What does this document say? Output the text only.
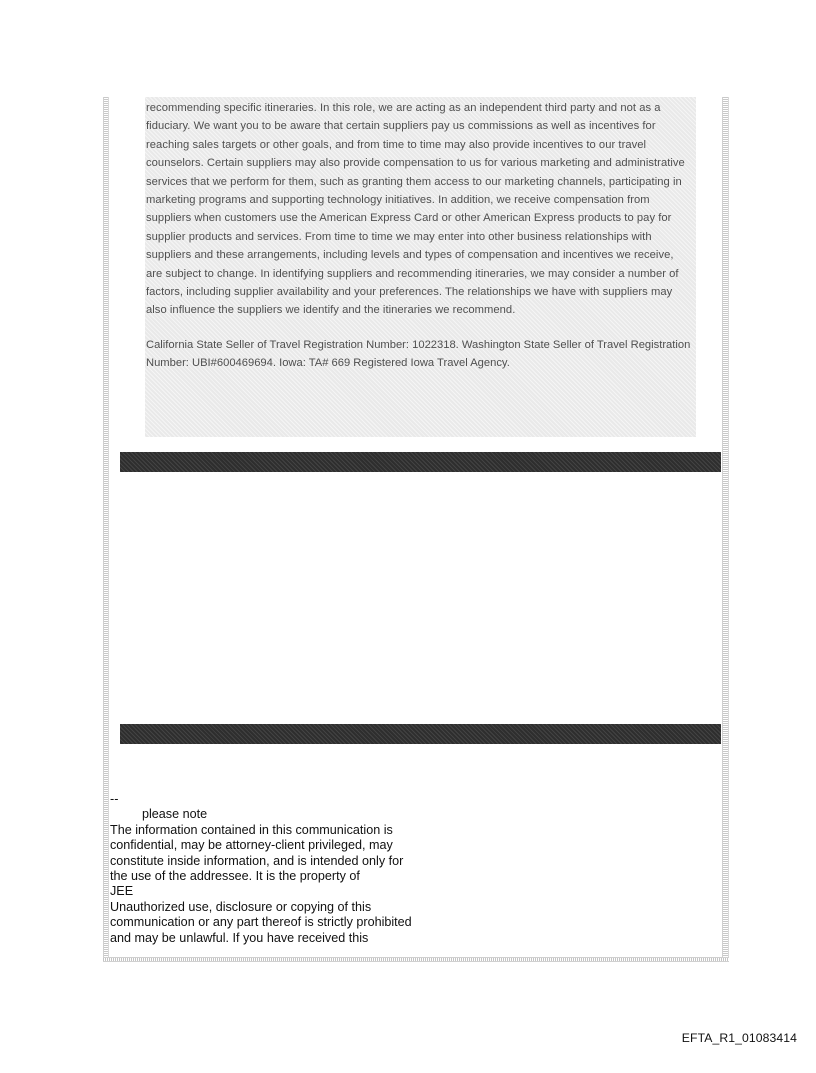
recommending specific itineraries. In this role, we are acting as an independent third party and not as a fiduciary. We want you to be aware that certain suppliers pay us commissions as well as incentives for reaching sales targets or other goals, and from time to time may also provide incentives to our travel counselors. Certain suppliers may also provide compensation to us for various marketing and administrative services that we perform for them, such as granting them access to our marketing channels, participating in marketing programs and supporting technology initiatives. In addition, we receive compensation from suppliers when customers use the American Express Card or other American Express products to pay for supplier products and services. From time to time we may enter into other business relationships with suppliers and these arrangements, including levels and types of compensation and incentives we receive, are subject to change. In identifying suppliers and recommending itineraries, we may consider a number of factors, including supplier availability and your preferences. The relationships we have with suppliers may also influence the suppliers we identify and the itineraries we recommend.

California State Seller of Travel Registration Number: 1022318. Washington State Seller of Travel Registration Number: UBI#600469694. Iowa: TA# 669 Registered Iowa Travel Agency.

--
please note
The information contained in this communication is
confidential, may be attorney-client privileged, may
constitute inside information, and is intended only for
the use of the addressee. It is the property of
JEE
Unauthorized use, disclosure or copying of this
communication or any part thereof is strictly prohibited
and may be unlawful. If you have received this
EFTA_R1_01083414
